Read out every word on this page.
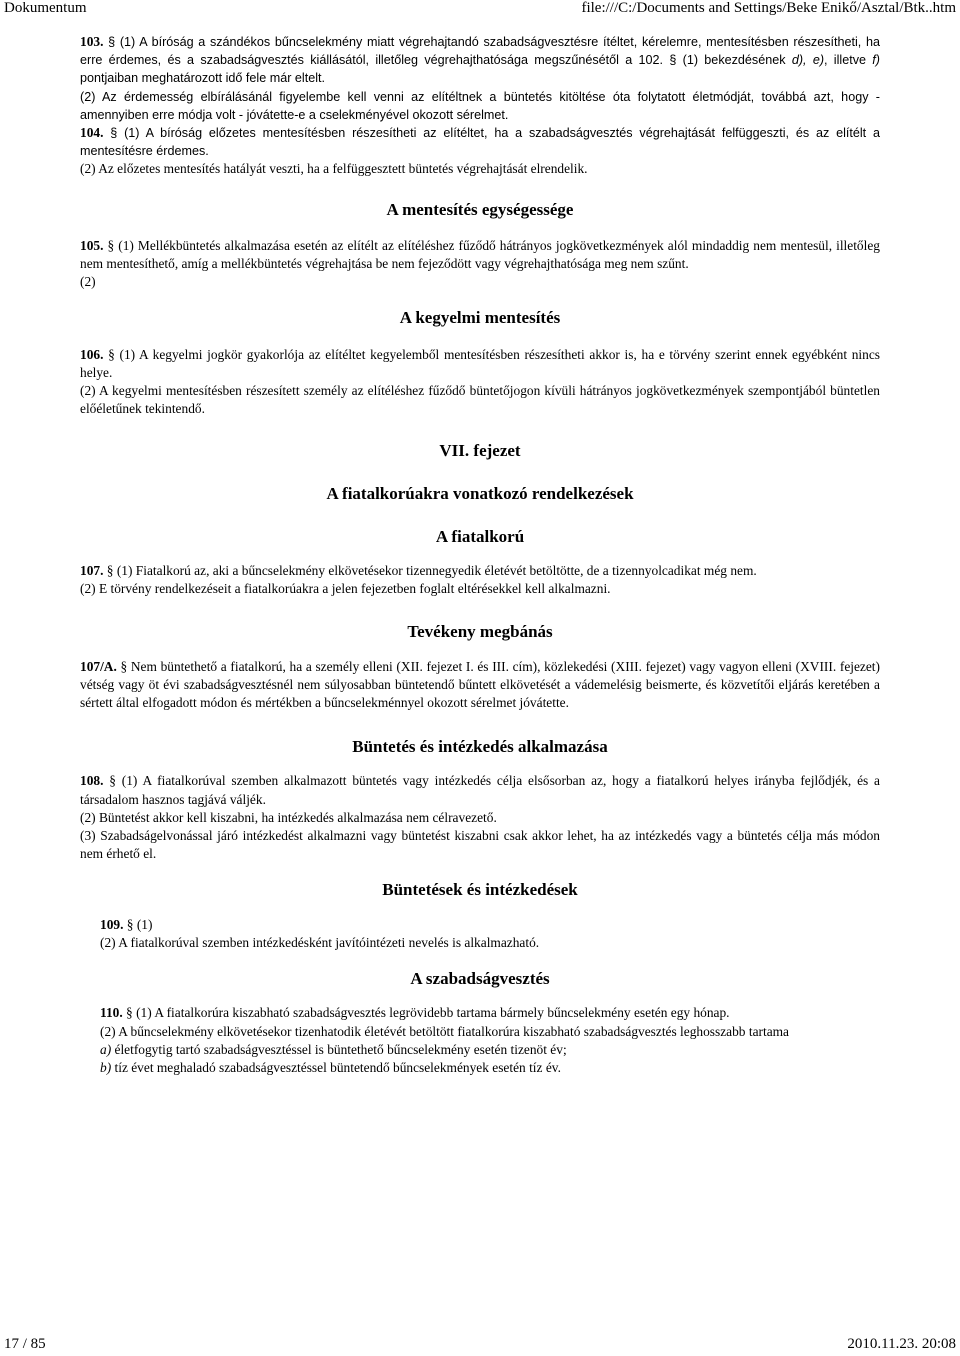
Dokumentum	file:///C:/Documents and Settings/Beke Enikő/Asztal/Btk..htm

103. § (1) A bíróság a szándékos bűncselekmény miatt végrehajtandó szabadságvesztésre ítéltet, kérelemre, mentesítésben részesítheti, ha erre érdemes, és a szabadságvesztés kiállásától, illetőleg végrehajthatósága megszűnésétől a 102. § (1) bekezdésének d), e), illetve f) pontjaiban meghatározott idő fele már eltelt.

(2) Az érdemesség elbírálásánál figyelembe kell venni az elítéltnek a büntetés kitöltése óta folytatott életmódját, továbbá azt, hogy - amennyiben erre módja volt - jóvátette-e a cselekményével okozott sérelmet.

104. § (1) A bíróság előzetes mentesítésben részesítheti az elítéltet, ha a szabadságvesztés végrehajtását felfüggeszti, és az elítélt a mentesítésre érdemes.

(2) Az előzetes mentesítés hatályát veszti, ha a felfüggesztett büntetés végrehajtását elrendelik.

A mentesítés egységessége

105. § (1) Mellékbüntetés alkalmazása esetén az elítélt az elítéléshez fűződő hátrányos jogkövetkezmények alól mindaddig nem mentesül, illetőleg nem mentesíthető, amíg a mellékbüntetés végrehajtása be nem fejeződött vagy végrehajthatósága meg nem szűnt.

(2)

A kegyelmi mentesítés

106. § (1) A kegyelmi jogkör gyakorlója az elítéltet kegyelemből mentesítésben részesítheti akkor is, ha e törvény szerint ennek egyébként nincs helye.

(2) A kegyelmi mentesítésben részesített személy az elítéléshez fűződő büntetőjogon kívüli hátrányos jogkövetkezmények szempontjából büntetlen előéletűnek tekintendő.

VII. fejezet
A fiatalkorúakra vonatkozó rendelkezések
A fiatalkorú

107. § (1) Fiatalkorú az, aki a bűncselekmény elkövetésekor tizennegyedik életévét betöltötte, de a tizennyolcadikat még nem.

(2) E törvény rendelkezéseit a fiatalkorúakra a jelen fejezetben foglalt eltérésekkel kell alkalmazni.

Tevékeny megbánás

107/A. § Nem büntethető a fiatalkorú, ha a személy elleni (XII. fejezet I. és III. cím), közlekedési (XIII. fejezet) vagy vagyon elleni (XVIII. fejezet) vétség vagy öt évi szabadságvesztésnél nem súlyosabban büntetendő bűntett elkövetését a vádemelésig beismerte, és közvetítői eljárás keretében a sértett által elfogadott módon és mértékben a bűncselekménnyel okozott sérelmet jóvátette.

Büntetés és intézkedés alkalmazása

108. § (1) A fiatalkorúval szemben alkalmazott büntetés vagy intézkedés célja elsősorban az, hogy a fiatalkorú helyes irányba fejlődjék, és a társadalom hasznos tagjává váljék.

(2) Büntetést akkor kell kiszabni, ha intézkedés alkalmazása nem célravezető.

(3) Szabadságelvonással járó intézkedést alkalmazni vagy büntetést kiszabni csak akkor lehet, ha az intézkedés vagy a büntetés célja más módon nem érhető el.

Büntetések és intézkedések

109. § (1)

(2) A fiatalkorúval szemben intézkedésként javítóintézeti nevelés is alkalmazható.

A szabadságvesztés

110. § (1) A fiatalkorúra kiszabható szabadságvesztés legrövidebb tartama bármely bűncselekmény esetén egy hónap.

(2) A bűncselekmény elkövetésekor tizenhatodik életévét betöltött fiatalkorúra kiszabható szabadságvesztés leghosszabb tartama

a) életfogytig tartó szabadságvesztéssel is büntethető bűncselekmény esetén tizenöt év;

b) tíz évet meghaladó szabadságvesztéssel büntetendő bűncselekmények esetén tíz év.

17 / 85	2010.11.23. 20:08
